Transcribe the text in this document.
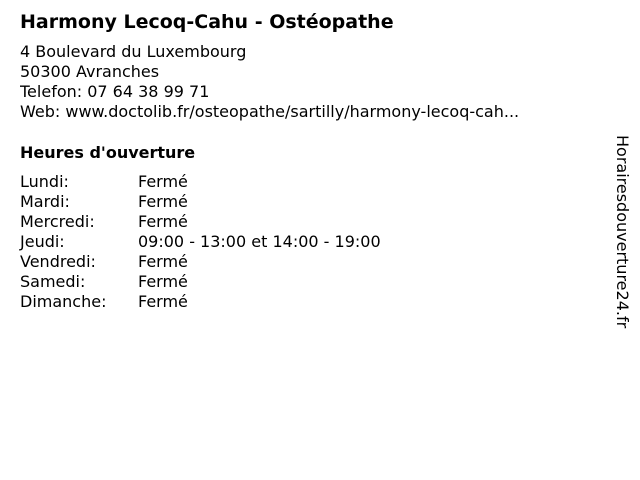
Harmony Lecoq-Cahu - Ostéopathe
4 Boulevard du Luxembourg
50300 Avranches
Telefon: 07 64 38 99 71
Web: www.doctolib.fr/osteopathe/sartilly/harmony-lecoq-cah...
Heures d'ouverture
Lundi:	Fermé
Mardi:	Fermé
Mercredi:	Fermé
Jeudi:	09:00 - 13:00 et 14:00 - 19:00
Vendredi:	Fermé
Samedi:	Fermé
Dimanche:	Fermé	Horairesdouverture24.fr
